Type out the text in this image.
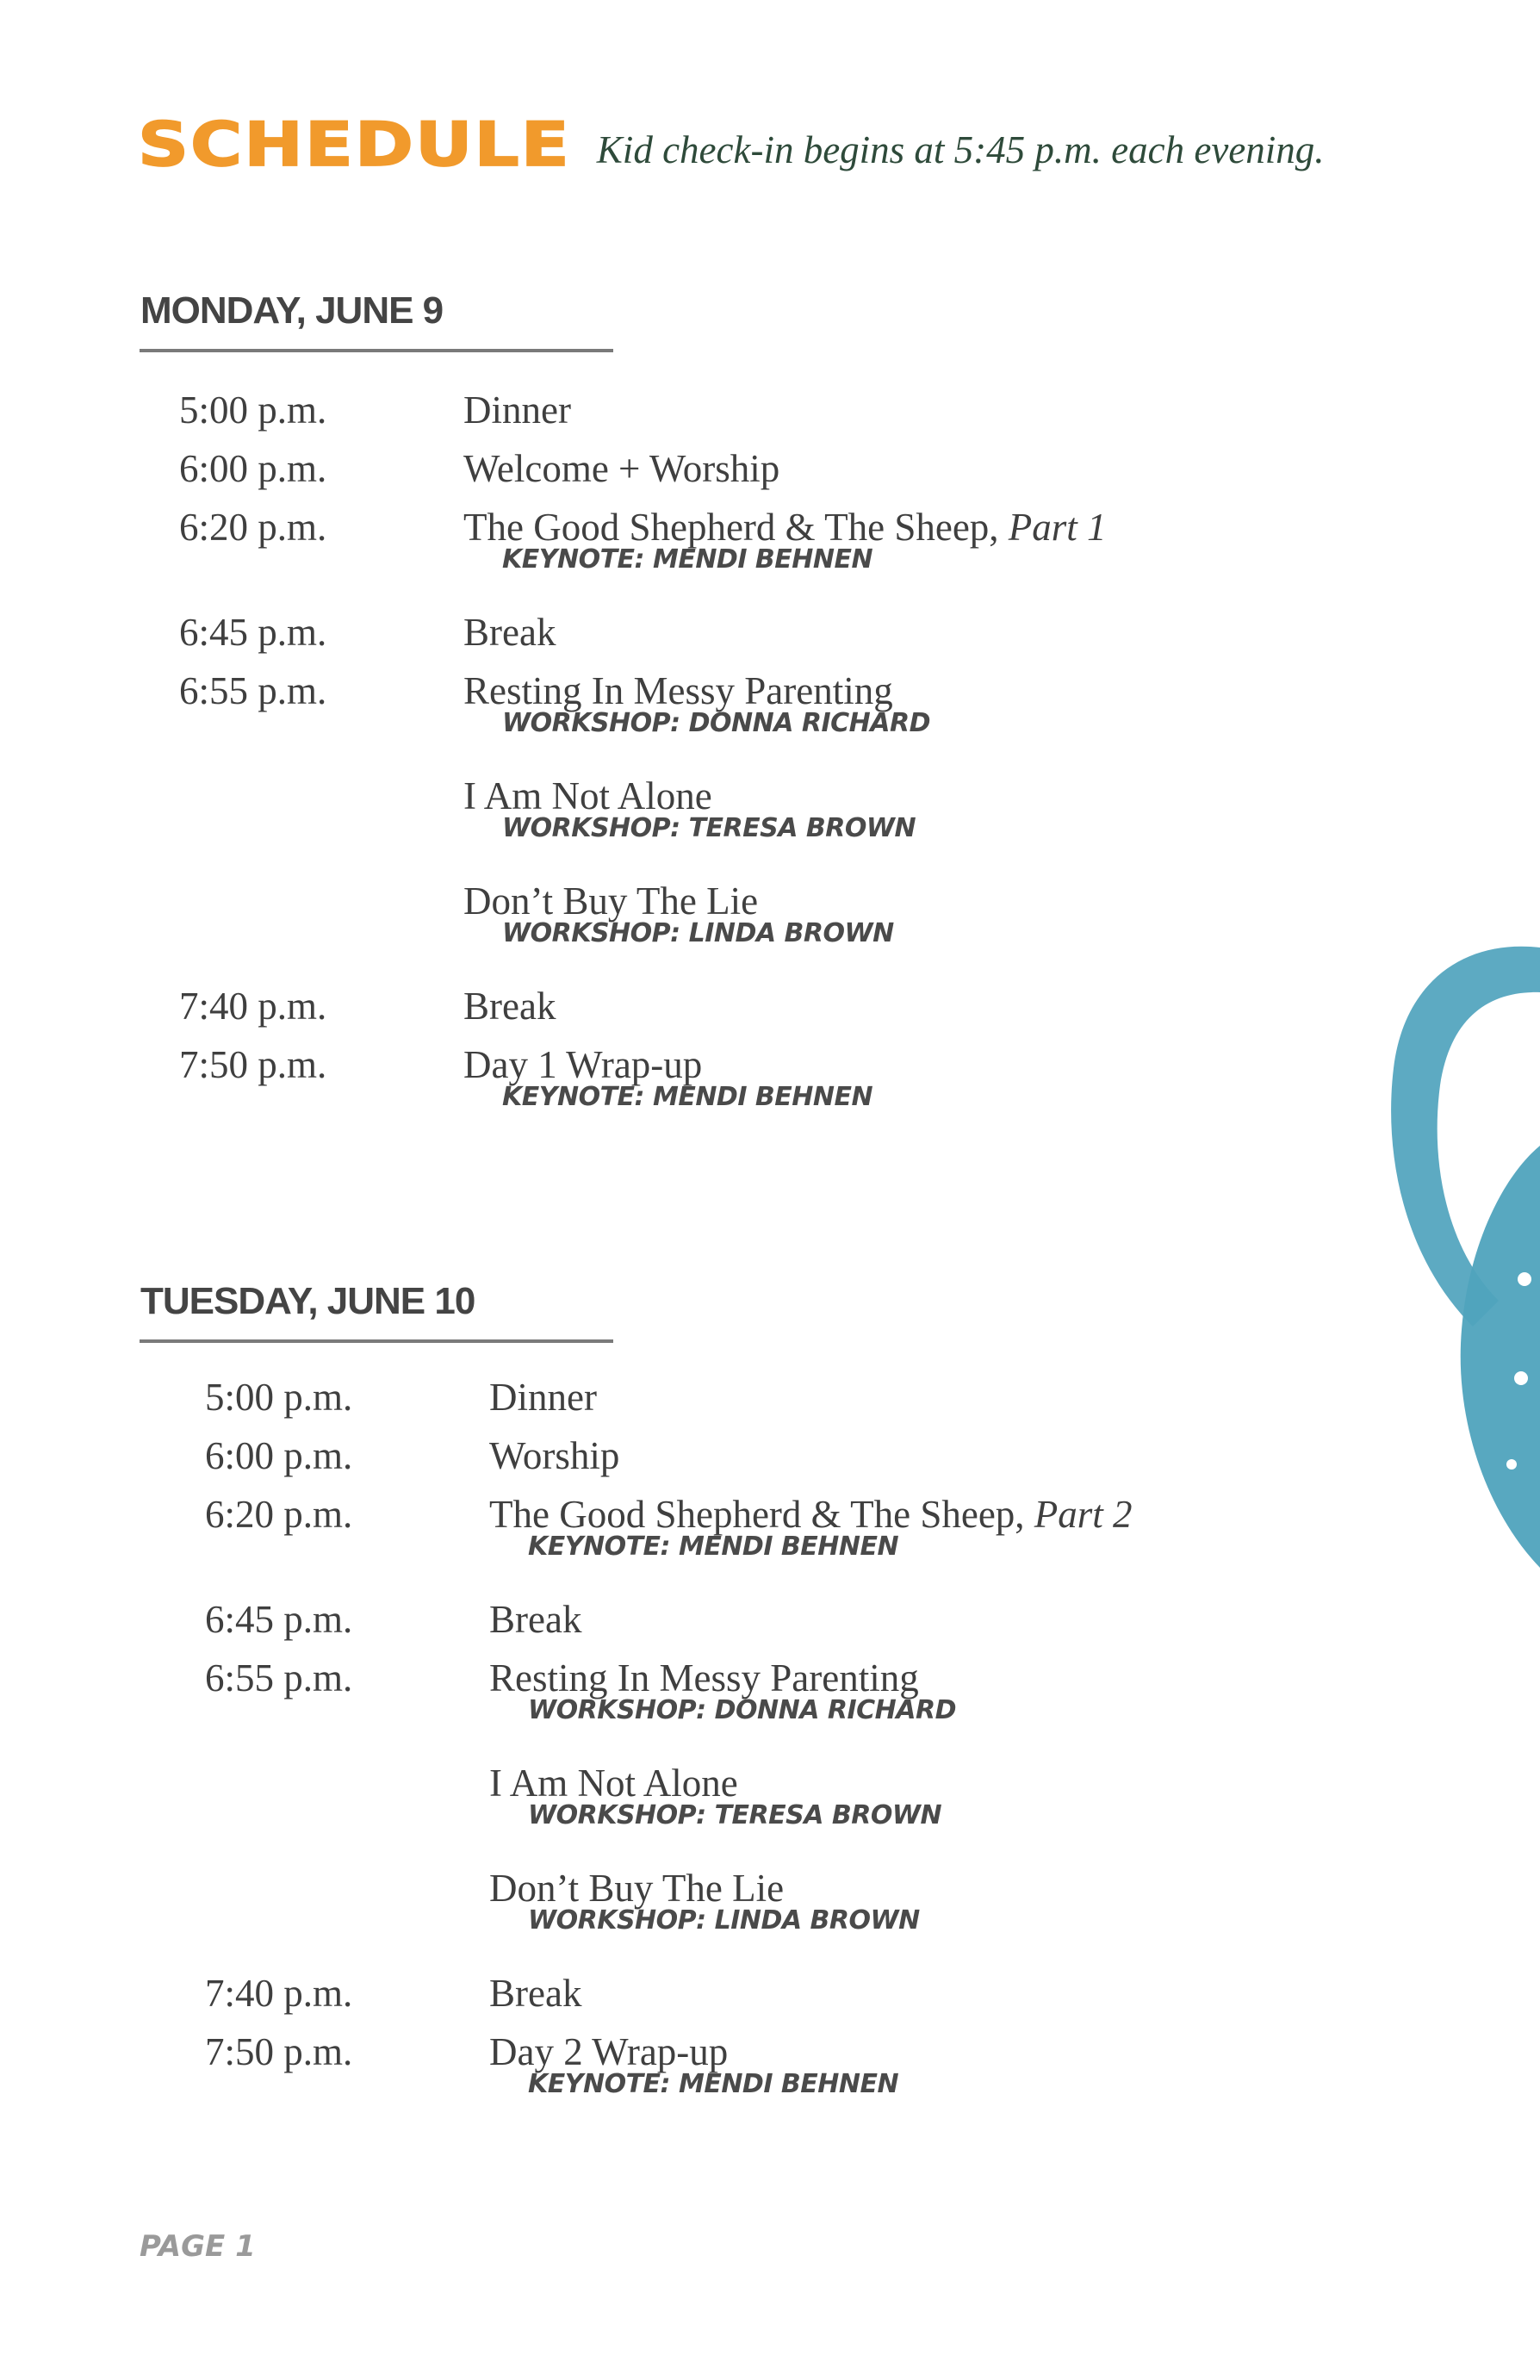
SCHEDULE Kid check-in begins at 5:45 p.m. each evening.
MONDAY, JUNE 9
5:00 p.m.	Dinner
6:00 p.m.	Welcome + Worship
6:20 p.m.	The Good Shepherd & The Sheep, Part 1
KEYNOTE: MENDI BEHNEN
6:45 p.m.	Break
6:55 p.m.	Resting In Messy Parenting
WORKSHOP: DONNA RICHARD
I Am Not Alone
WORKSHOP: TERESA BROWN
Don’t Buy The Lie
WORKSHOP: LINDA BROWN
7:40 p.m.	Break
7:50 p.m.	Day 1 Wrap-up
KEYNOTE: MENDI BEHNEN
TUESDAY, JUNE 10
5:00 p.m.	Dinner
6:00 p.m.	Worship
6:20 p.m.	The Good Shepherd & The Sheep, Part 2
KEYNOTE: MENDI BEHNEN
6:45 p.m.	Break
6:55 p.m.	Resting In Messy Parenting
WORKSHOP: DONNA RICHARD
I Am Not Alone
WORKSHOP: TERESA BROWN
Don’t Buy The Lie
WORKSHOP: LINDA BROWN
7:40 p.m.	Break
7:50 p.m.	Day 2 Wrap-up
KEYNOTE: MENDI BEHNEN
PAGE 1
